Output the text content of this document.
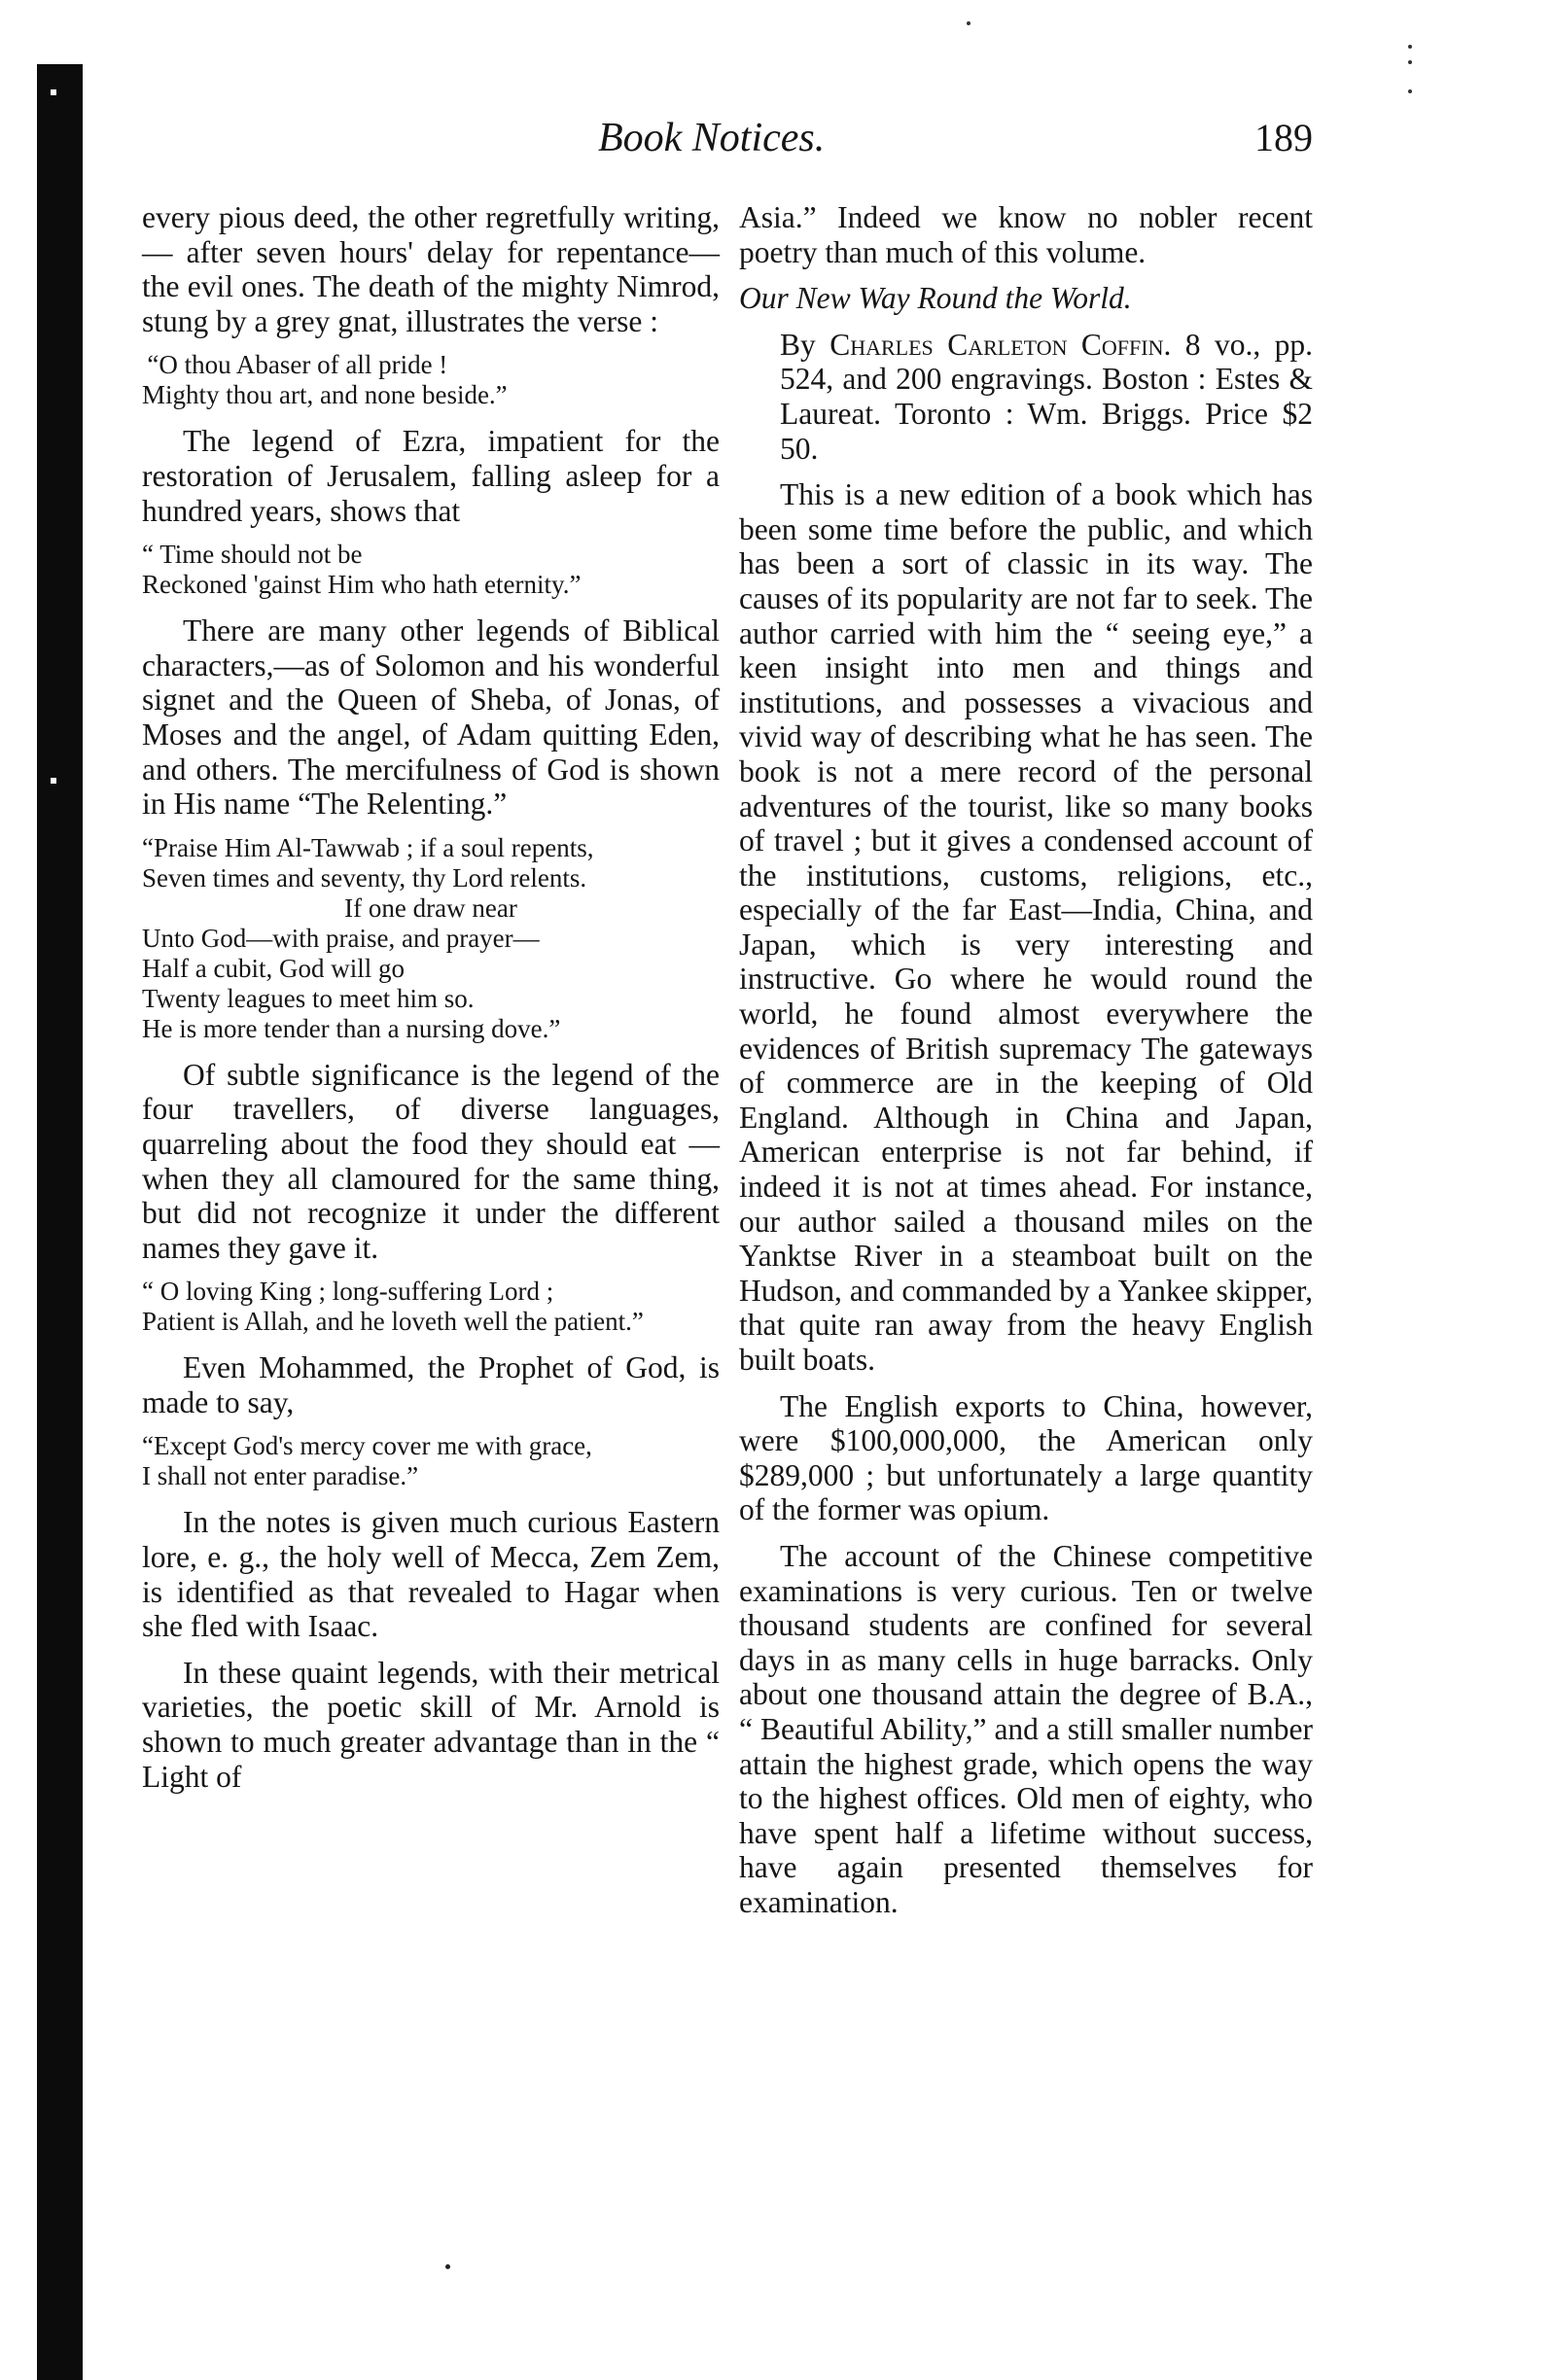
Book Notices.	189

every pious deed, the other regretfully writing,— after seven hours' delay for repentance—the evil ones. The death of the mighty Nimrod, stung by a grey gnat, illustrates the verse :

“O thou Abaser of all pride !
Mighty thou art, and none beside.”

The legend of Ezra, impatient for the restoration of Jerusalem, falling asleep for a hundred years, shows that

“ Time should not be
Reckoned 'gainst Him who hath eternity.”

There are many other legends of Biblical characters,—as of Solomon and his wonderful signet and the Queen of Sheba, of Jonas, of Moses and the angel, of Adam quitting Eden, and others. The mercifulness of God is shown in His name “The Relenting.”

“Praise Him Al-Tawwab ; if a soul repents,
Seven times and seventy, thy Lord relents.
If one draw near
Unto God—with praise, and prayer—
Half a cubit, God will go
Twenty leagues to meet him so.
He is more tender than a nursing dove.”

Of subtle significance is the legend of the four travellers, of diverse languages, quarreling about the food they should eat — when they all clamoured for the same thing, but did not recognize it under the different names they gave it.

“ O loving King ; long-suffering Lord ;
Patient is Allah, and he loveth well the patient.”

Even Mohammed, the Prophet of God, is made to say,

“Except God's mercy cover me with grace,
I shall not enter paradise.”

In the notes is given much curious Eastern lore, e. g., the holy well of Mecca, Zem Zem, is identified as that revealed to Hagar when she fled with Isaac.

In these quaint legends, with their metrical varieties, the poetic skill of Mr. Arnold is shown to much greater advantage than in the “ Light of

Asia.” Indeed we know no nobler recent poetry than much of this volume.

Our New Way Round the World.

By Charles Carleton Coffin. 8 vo., pp. 524, and 200 engravings. Boston : Estes & Laureat. Toronto : Wm. Briggs. Price $2 50.

This is a new edition of a book which has been some time before the public, and which has been a sort of classic in its way. The causes of its popularity are not far to seek. The author carried with him the “ seeing eye,” a keen insight into men and things and institutions, and possesses a vivacious and vivid way of describing what he has seen. The book is not a mere record of the personal adventures of the tourist, like so many books of travel ; but it gives a condensed account of the institutions, customs, religions, etc., especially of the far East—India, China, and Japan, which is very interesting and instructive. Go where he would round the world, he found almost everywhere the evidences of British supremacy The gateways of commerce are in the keeping of Old England. Although in China and Japan, American enterprise is not far behind, if indeed it is not at times ahead. For instance, our author sailed a thousand miles on the Yanktse River in a steamboat built on the Hudson, and commanded by a Yankee skipper, that quite ran away from the heavy English built boats.

The English exports to China, however, were $100,000,000, the American only $289,000 ; but unfortunately a large quantity of the former was opium.

The account of the Chinese competitive examinations is very curious. Ten or twelve thousand students are confined for several days in as many cells in huge barracks. Only about one thousand attain the degree of B.A., “ Beautiful Ability,” and a still smaller number attain the highest grade, which opens the way to the highest offices. Old men of eighty, who have spent half a lifetime without success, have again presented themselves for examination.
